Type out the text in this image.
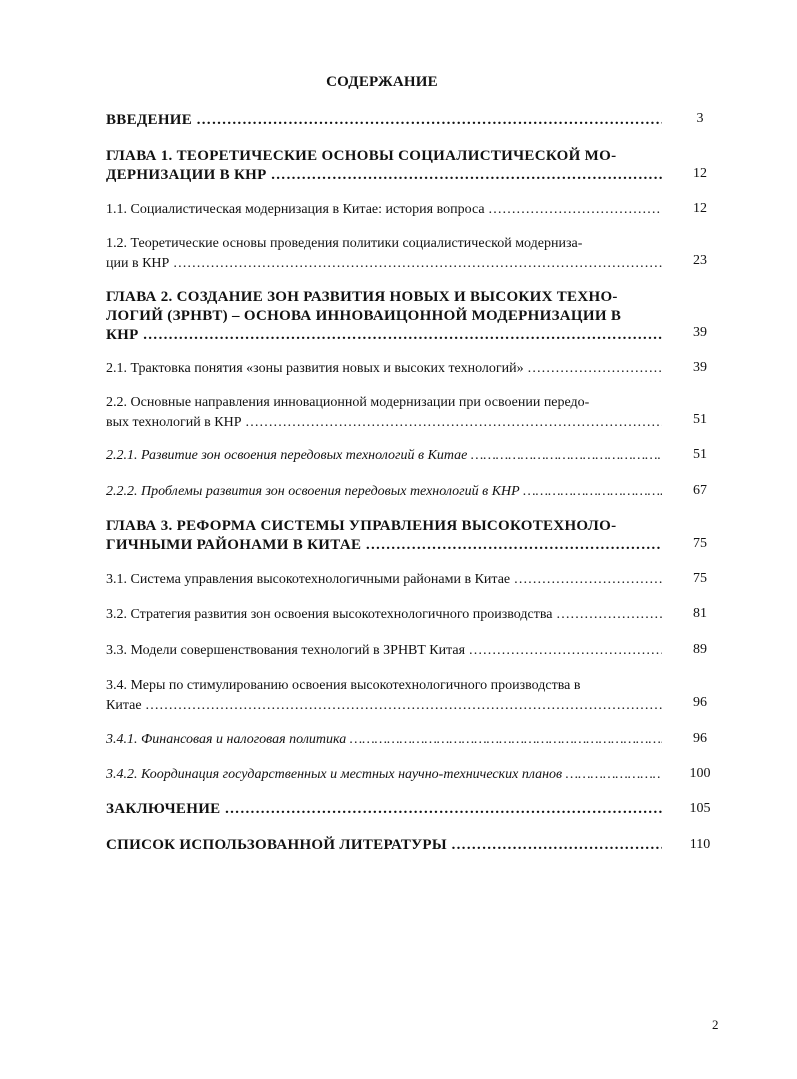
СОДЕРЖАНИЕ
ВВЕДЕНИЕ …………………………………………………………………………………………………………………………………………………………………………………………………………………………	3
ГЛАВА 1. ТЕОРЕТИЧЕСКИЕ ОСНОВЫ СОЦИАЛИСТИЧЕСКОЙ МО-
ДЕРНИЗАЦИИ В КНР …………………………………………………………………………………………………………………………………………………………………………………………………………………………	12
1.1. Социалистическая модернизация в Китае: история вопроса …………………………………………………………………………………………………………………………………………………………………………………………………………………………	12
1.2. Теоретические основы проведения политики социалистической модерниза-
ции в КНР …………………………………………………………………………………………………………………………………………………………………………………………………………………………	23
ГЛАВА 2. СОЗДАНИЕ ЗОН РАЗВИТИЯ НОВЫХ И ВЫСОКИХ ТЕХНО-
ЛОГИЙ (ЗРНВТ) – ОСНОВА ИННОВАИЦОННОЙ МОДЕРНИЗАЦИИ В
КНР …………………………………………………………………………………………………………………………………………………………………………………………………………………………	39
2.1. Трактовка понятия «зоны развития новых и высоких технологий» …………………………………………………………………………………………………………………………………………………………………………………………………………………………	39
2.2. Основные направления инновационной модернизации при освоении передо-
вых технологий в КНР …………………………………………………………………………………………………………………………………………………………………………………………………………………………	51
2.2.1. Развитие зон освоения передовых технологий в Китае …………………………………………………………………………………………………………………………………………………………………………………………………………………………	51
2.2.2. Проблемы развития зон освоения передовых технологий в КНР …………………………………………………………………………………………………………………………………………………………………………………………………………………………	67
ГЛАВА 3. РЕФОРМА СИСТЕМЫ УПРАВЛЕНИЯ ВЫСОКОТЕХНОЛО-
ГИЧНЫМИ РАЙОНАМИ В КИТАЕ …………………………………………………………………………………………………………………………………………………………………………………………………………………………	75
3.1. Система управления высокотехнологичными районами в Китае …………………………………………………………………………………………………………………………………………………………………………………………………………………………	75
3.2. Стратегия развития зон освоения высокотехнологичного производства …………………………………………………………………………………………………………………………………………………………………………………………………………………………	81
3.3. Модели совершенствования технологий в ЗРНВТ Китая …………………………………………………………………………………………………………………………………………………………………………………………………………………………	89
3.4. Меры по стимулированию освоения высокотехнологичного производства в
Китае …………………………………………………………………………………………………………………………………………………………………………………………………………………………	96
3.4.1. Финансовая и налоговая политика …………………………………………………………………………………………………………………………………………………………………………………………………………………………	96
3.4.2. Координация государственных и местных научно-технических планов …………………………………………………………………………………………………………………………………………………………………………………………………………………………	100
ЗАКЛЮЧЕНИЕ …………………………………………………………………………………………………………………………………………………………………………………………………………………………	105
СПИСОК ИСПОЛЬЗОВАННОЙ ЛИТЕРАТУРЫ …………………………………………………………………………………………………………………………………………………………………………………………………………………………	110
2
